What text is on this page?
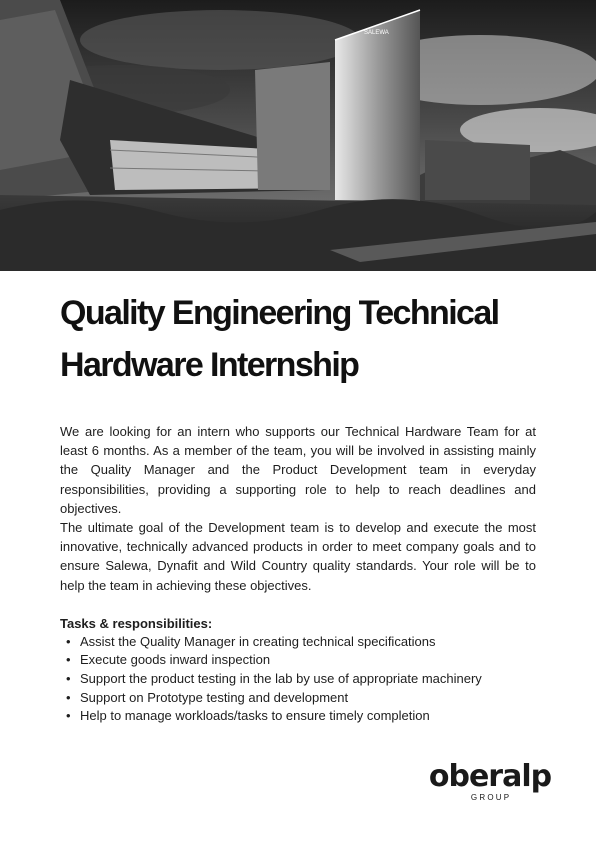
SALEWA
Quality Engineering Technical
Hardware Internship

We are looking for an intern who supports our Technical Hardware Team for at least 6 months. As a member of the team, you will be involved in assisting mainly the Quality Manager and the Product Development team in everyday responsibilities, providing a supporting role to help to reach deadlines and objectives.

The ultimate goal of the Development team is to develop and execute the most innovative, technically advanced products in order to meet company goals and to ensure Salewa, Dynafit and Wild Country quality standards. Your role will be to help the team in achieving these objectives.

Tasks & responsibilities:
• Assist the Quality Manager in creating technical specifications
• Execute goods inward inspection
• Support the product testing in the lab by use of appropriate machinery
• Support on Prototype testing and development
• Help to manage workloads/tasks to ensure timely completion
oberalp
G R O U P
